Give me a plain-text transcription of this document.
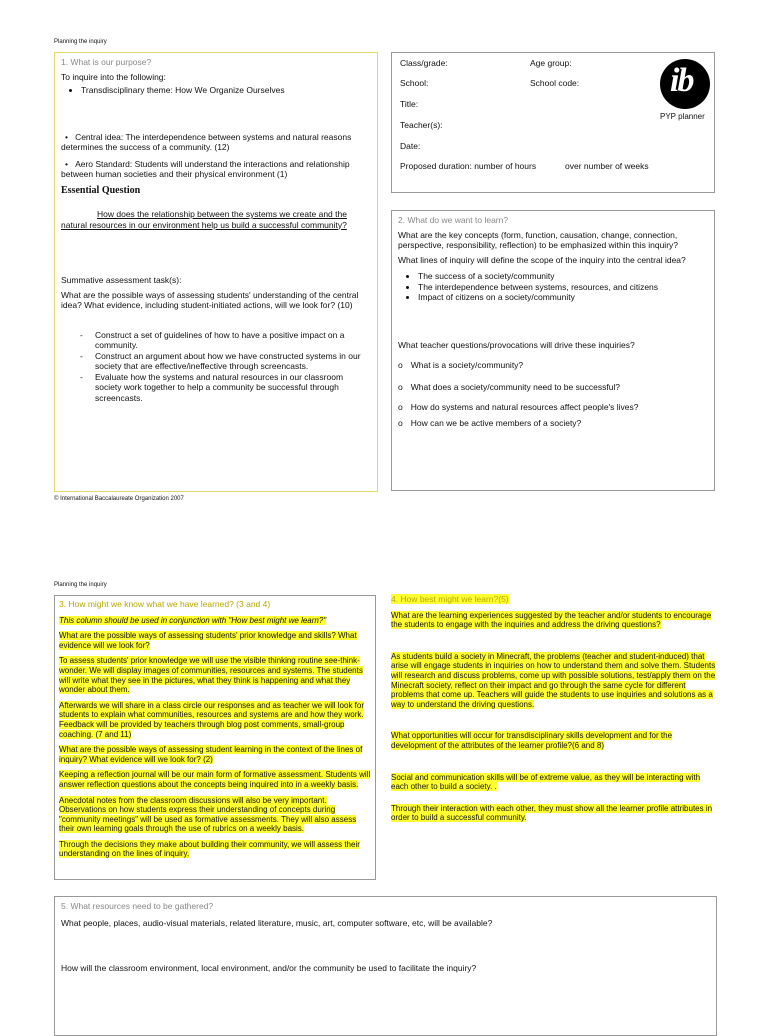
Planning the inquiry
1. What is our purpose?

To inquire into the following:

• Transdisciplinary theme: How We Organize Ourselves

•   Central idea: The interdependence between systems and natural reasons determines the success of a community. (12)

•   Aero Standard: Students will understand the interactions and relationship between human societies and their physical environment (1)

Essential Question

How does the relationship between the systems we create and the natural resources in our environment help us build a successful community?

Summative assessment task(s):

What are the possible ways of assessing students' understanding of the central idea? What evidence, including student-initiated actions, will we look for? (10)

- Construct a set of guidelines of how to have a positive impact on a community.
- Construct an argument about how we have constructed systems in our society that are effective/ineffective through screencasts.
- Evaluate how the systems and natural resources in our classroom society work together to help a community be successful through screencasts.
Class/grade:	Age group:
School:	School code:
Title:
Teacher(s):
Date:
Proposed duration: number of hours	over number of weeks
PYP planner
ib
2. What do we want to learn?

What are the key concepts (form, function, causation, change, connection, perspective, responsibility, reflection) to be emphasized within this inquiry?

What lines of inquiry will define the scope of the inquiry into the central idea?

• The success of a society/community
• The interdependence between systems, resources, and citizens
• Impact of citizens on a society/community

What teacher questions/provocations will drive these inquiries?

o What is a society/community?
o What does a society/community need to be successful?
o How do systems and natural resources affect people's lives?
o How can we be active members of a society?
© International Baccalaureate Organization 2007
Planning the inquiry
3. How might we know what we have learned? (3 and 4)

This column should be used in conjunction with "How best might we learn?"

What are the possible ways of assessing students' prior knowledge and skills? What evidence will we look for?

To assess students' prior knowledge we will use the visible thinking routine see-think-wonder. We will display images of communities, resources and systems. The students will write what they see in the pictures, what they think is happening and what they wonder about them.

Afterwards we will share in a class circle our responses and as teacher we will look for students to explain what communities, resources and systems are and how they work. Feedback will be provided by teachers through blog post comments, small-group coaching. (7 and 11)

What are the possible ways of assessing student learning in the context of the lines of inquiry? What evidence will we look for? (2)

Keeping a reflection journal will be our main form of formative assessment. Students will answer reflection questions about the concepts being inquired into in a weekly basis.

Anecdotal notes from the classroom discussions will also be very important. Observations on how students express their understanding of concepts during "community meetings" will be used as formative assessments. They will also assess their own learning goals through the use of rubrics on a weekly basis.

Through the decisions they make about building their community, we will assess their understanding on the lines of inquiry.

4. How best might we learn?(5)

What are the learning experiences suggested by the teacher and/or students to encourage the students to engage with the inquiries and address the driving questions?

As students build a society in Minecraft, the problems (teacher and student-induced) that arise will engage students in inquiries on how to understand them and solve them. Students will research and discuss problems, come up with possible solutions, test/apply them on the Minecraft society, reflect on their impact and go through the same cycle for different problems that come up. Teachers will guide the students to use inquiries and solutions as a way to understand the driving questions.

What opportunities will occur for transdisciplinary skills development and for the development of the attributes of the learner profile?(6 and 8)

Social and communication skills will be of extreme value, as they will be interacting with each other to build a society. .

Through their interaction with each other, they must show all the learner profile attributes in order to build a successful community.

5. What resources need to be gathered?

What people, places, audio-visual materials, related literature, music, art, computer software, etc, will be available?

How will the classroom environment, local environment, and/or the community be used to facilitate the inquiry?
